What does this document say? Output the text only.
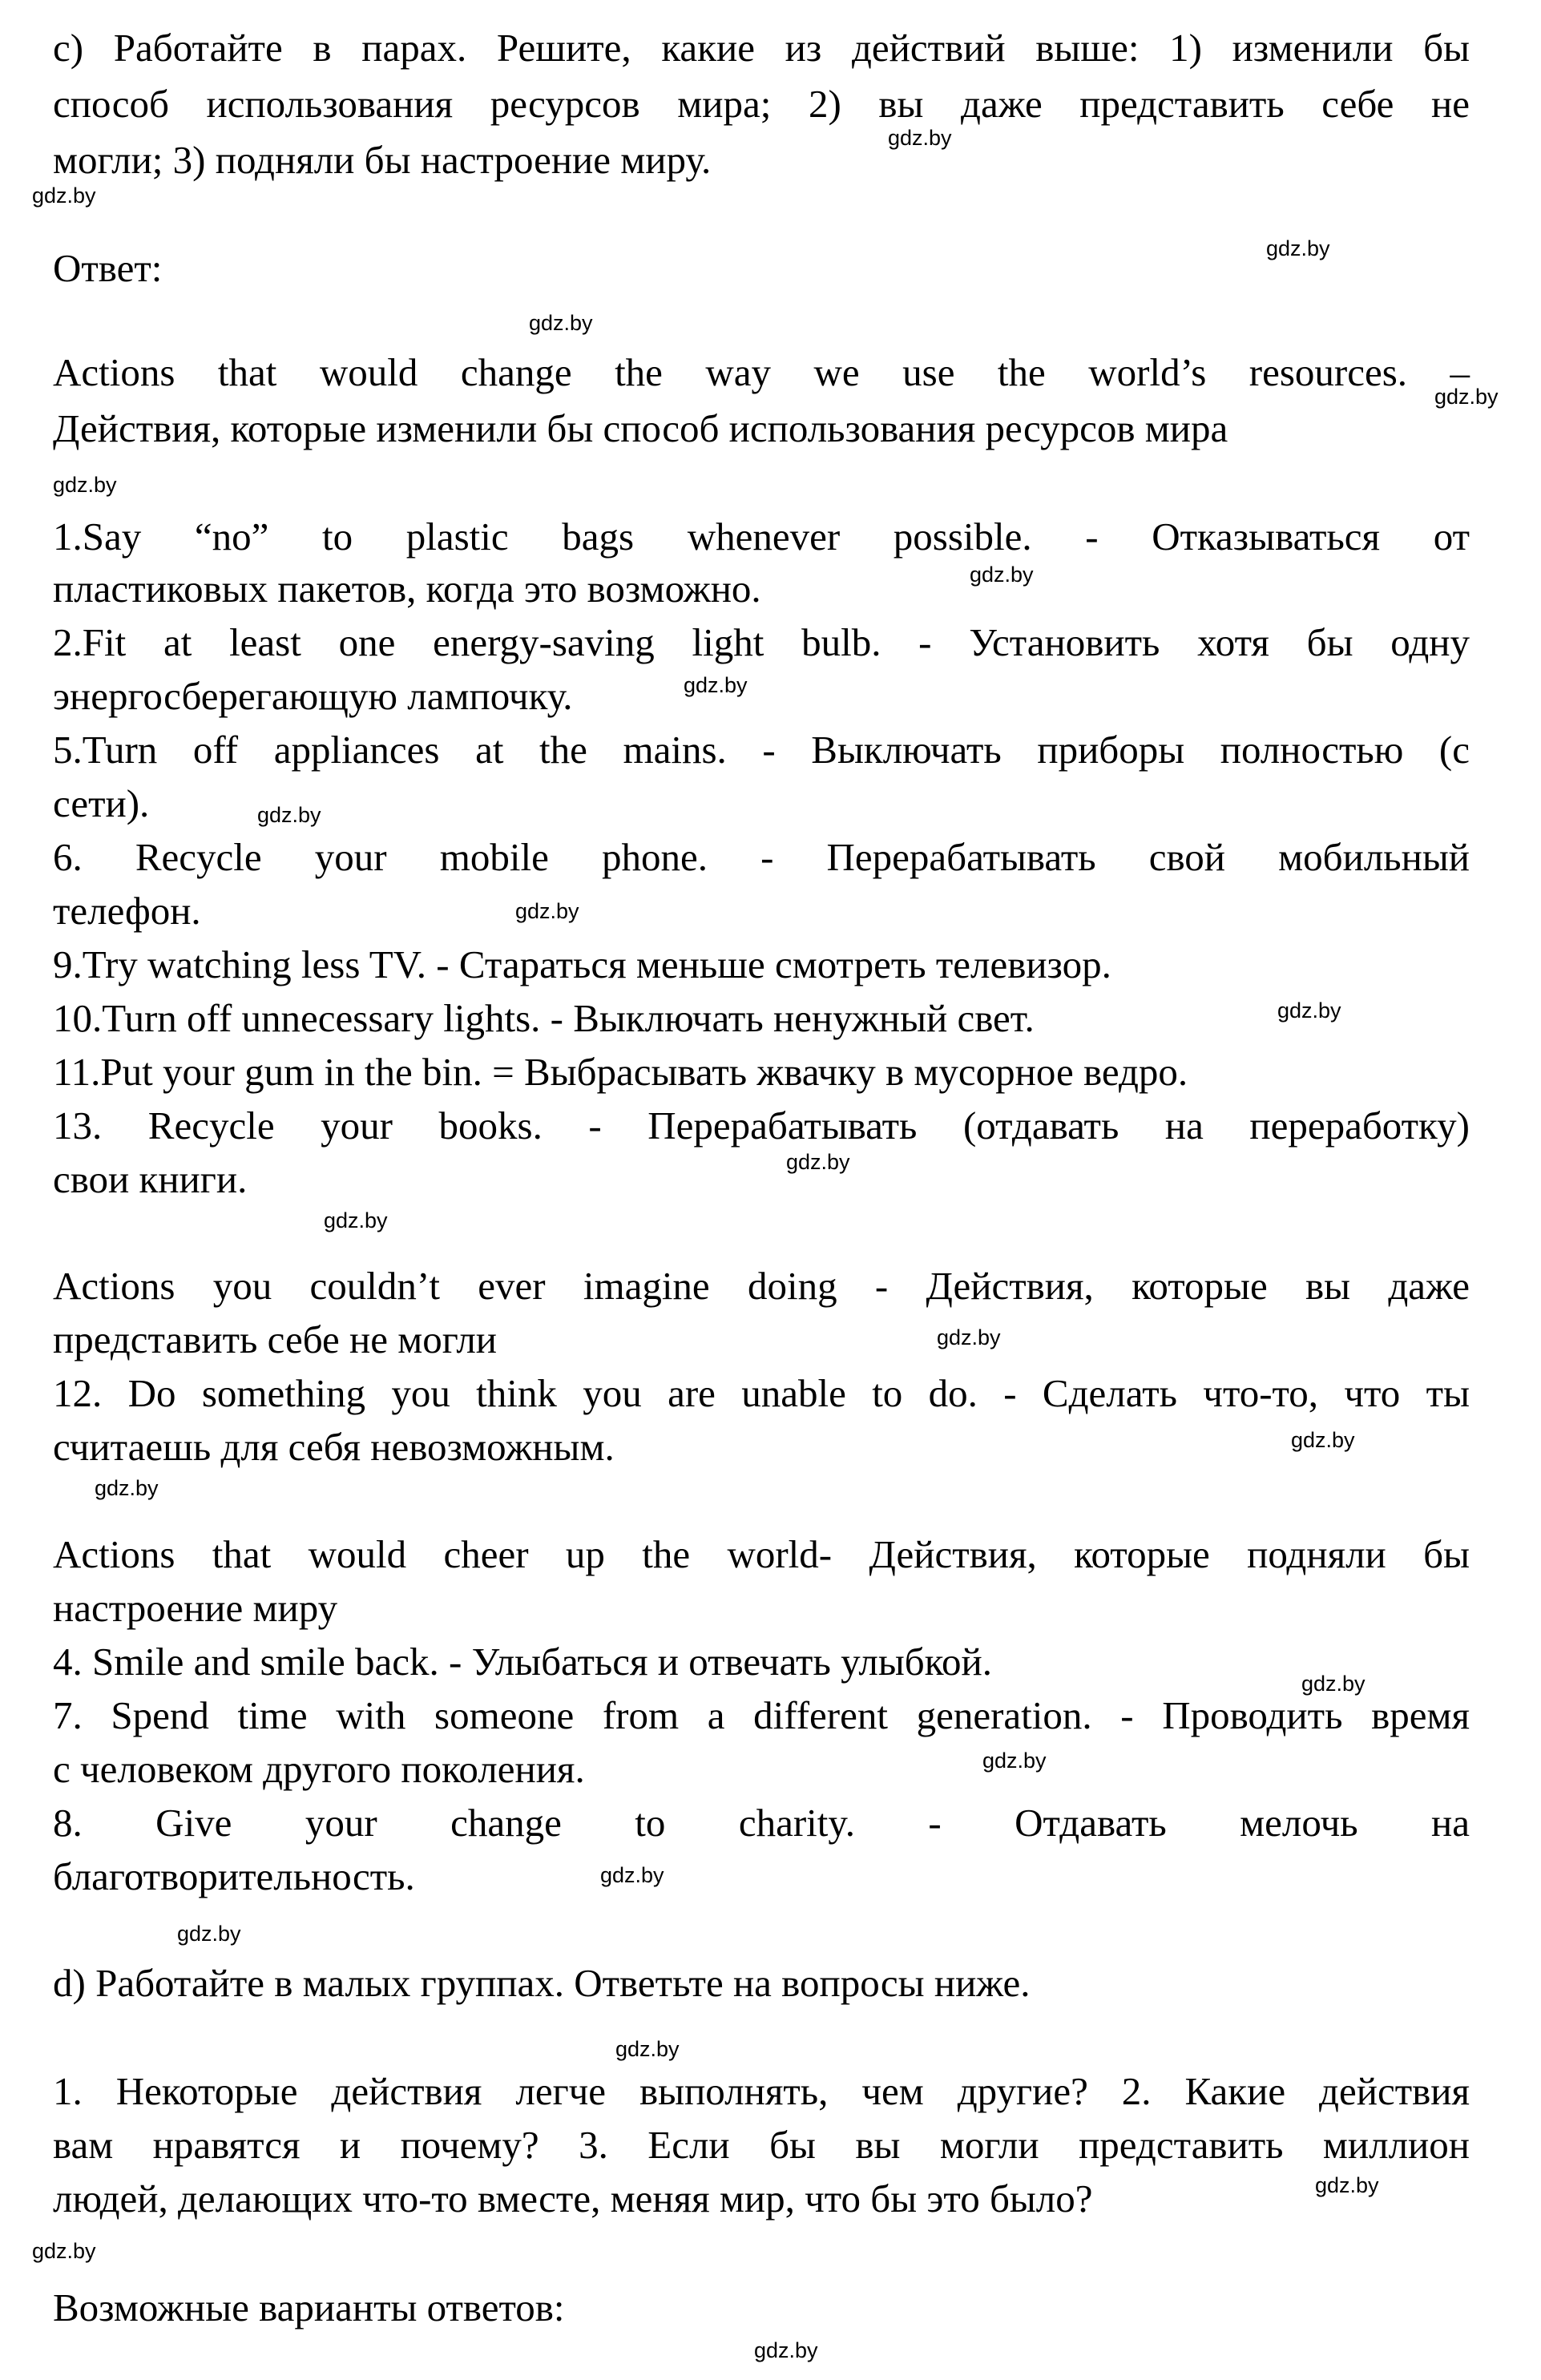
c) Работайте в парах. Решите, какие из действий выше: 1) изменили бы
способ использования ресурсов мира; 2) вы даже представить себе не
могли; 3) подняли бы настроение миру.
Ответ:
Actions that would change the way we use the world’s resources. –
Действия, которые изменили бы способ использования ресурсов мира
1.Say “no” to plastic bags whenever possible. - Отказываться от
пластиковых пакетов, когда это возможно.
2.Fit at least one energy-saving light bulb. - Установить хотя бы одну
энергосберегающую лампочку.
5.Turn off appliances at the mains. - Выключать приборы полностью (с
сети).
6. Recycle your mobile phone. - Перерабатывать свой мобильный
телефон.
9.Try watching less TV. - Стараться меньше смотреть телевизор.
10.Turn off unnecessary lights. - Выключать ненужный свет.
11.Put your gum in the bin. = Выбрасывать жвачку в мусорное ведро.
13. Recycle your books. - Перерабатывать (отдавать на переработку)
свои книги.
Actions you couldn’t ever imagine doing - Действия, которые вы даже
представить себе не могли
12. Do something you think you are unable to do. - Сделать что-то, что ты
считаешь для себя невозможным.
Actions that would cheer up the world- Действия, которые подняли бы
настроение миру
4. Smile and smile back. - Улыбаться и отвечать улыбкой.
7. Spend time with someone from a different generation. - Проводить время
с человеком другого поколения.
8. Give your change to charity. - Отдавать мелочь на
благотворительность.
d) Работайте в малых группах. Ответьте на вопросы ниже.
1. Некоторые действия легче выполнять, чем другие? 2. Какие действия
вам нравятся и почему? 3. Если бы вы могли представить миллион
людей, делающих что-то вместе, меняя мир, что бы это было?
Возможные варианты ответов:
gdz.by
gdz.by
gdz.by
gdz.by
gdz.by
gdz.by
gdz.by
gdz.by
gdz.by
gdz.by
gdz.by
gdz.by
gdz.by
gdz.by
gdz.by
gdz.by
gdz.by
gdz.by
gdz.by
gdz.by
gdz.by
gdz.by
gdz.by
gdz.by
